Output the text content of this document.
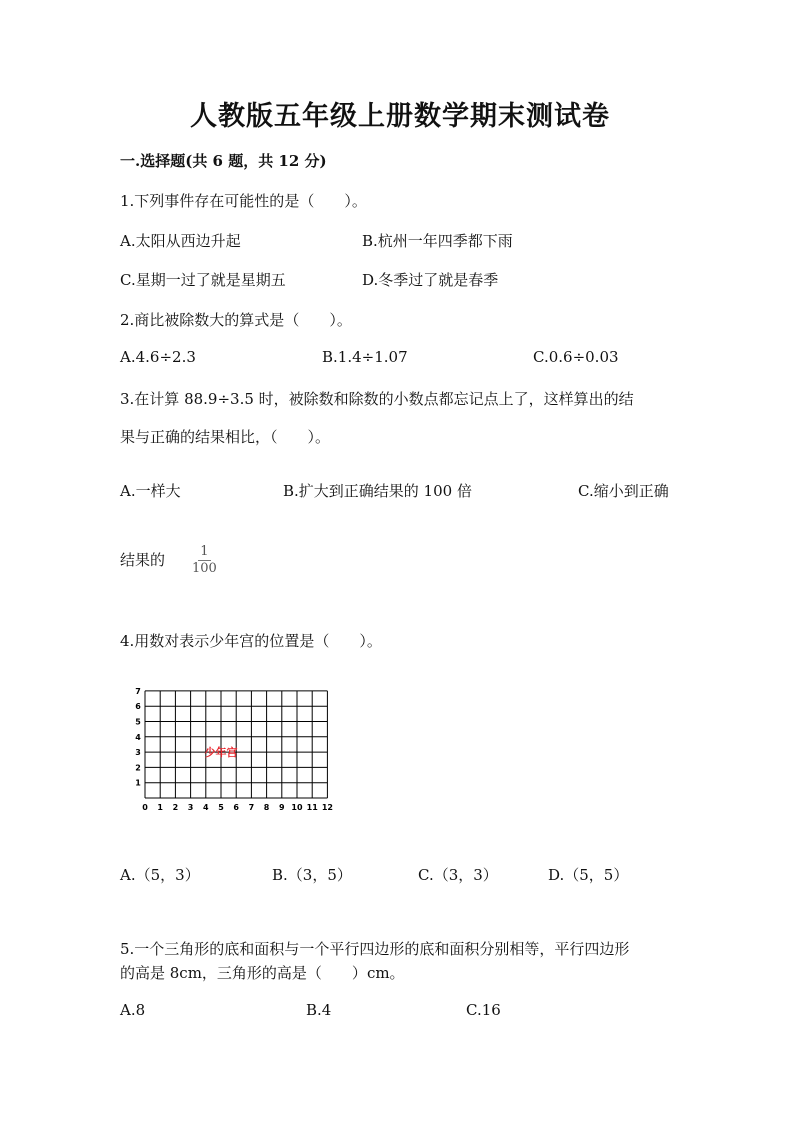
人教版五年级上册数学期末测试卷
一.选择题(共 6 题，共 12 分)
1.下列事件存在可能性的是（　　）。
A.太阳从西边升起	B.杭州一年四季都下雨
C.星期一过了就是星期五	D.冬季过了就是春季
2.商比被除数大的算式是（　　）。
A.4.6÷2.3	B.1.4÷1.07	C.0.6÷0.03
3.在计算 88.9÷3.5 时，被除数和除数的小数点都忘记点上了，这样算出的结
果与正确的结果相比，（　　）。
A.一样大	B.扩大到正确结果的 100 倍	C.缩小到正确
结果的 $\frac{1}{100}$
4.用数对表示少年宫的位置是（　　）。
0 1 2 3 4 5 6 7 8 9 10 11 12
1
2
3
4
5
6
7
少年宫
A.（5，3）	B.（3，5）	C.（3，3）	D.（5，5）
5.一个三角形的底和面积与一个平行四边形的底和面积分别相等，平行四边形
的高是 8cm，三角形的高是（　　）cm。
A.8	B.4	C.16
